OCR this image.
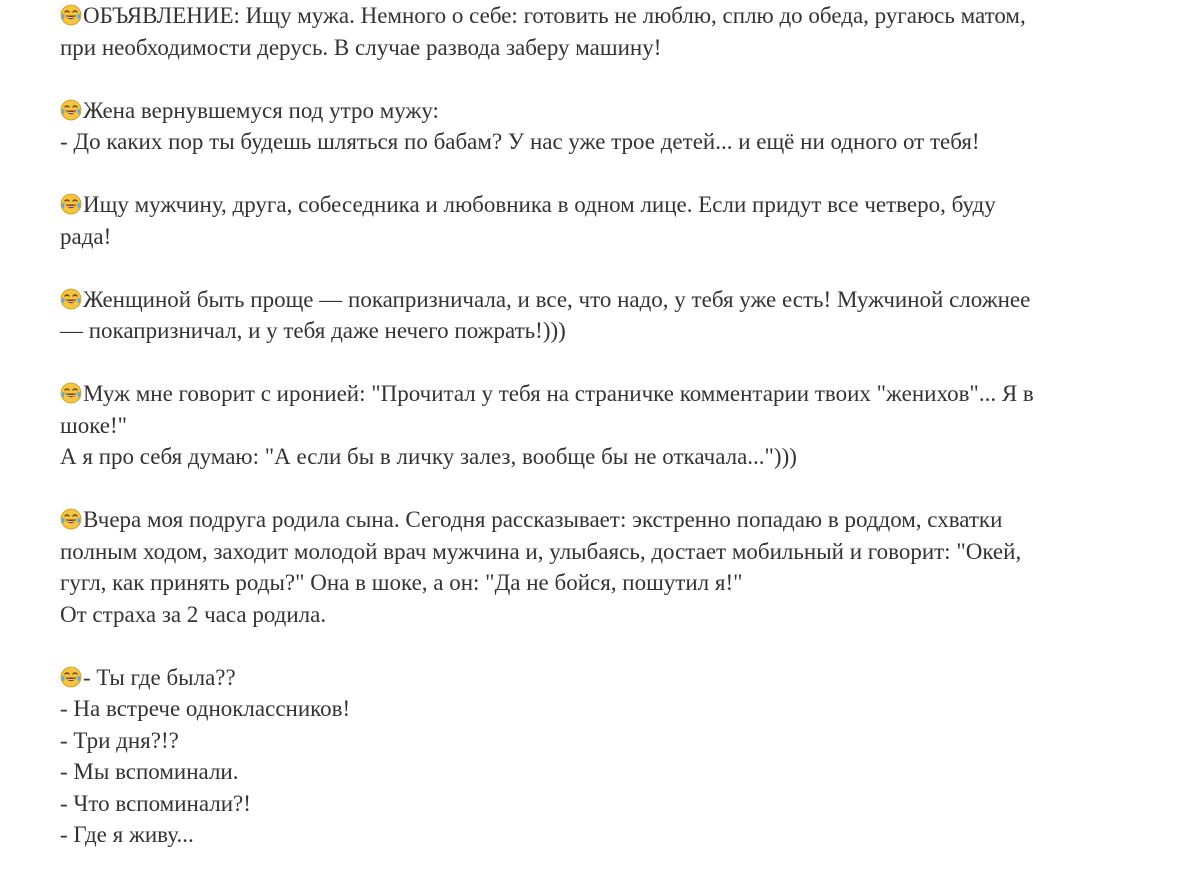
ОБЪЯВЛЕНИЕ: Ищу мужа. Немного о себе: готовить не люблю, сплю до обеда, ругаюсь матом,
при необходимости дерусь. В случае развода заберу машину!
Жена вернувшемуся под утро мужу:
- До каких пор ты будешь шляться по бабам? У нас уже трое детей... и ещё ни одного от тебя!
Ищу мужчину, друга, собеседника и любовника в одном лице. Если придут все четверо, буду
рада!
Женщиной быть проще — покапризничала, и все, что надо, у тебя уже есть! Мужчиной сложнее
— покапризничал, и у тебя даже нечего пожрать!)))
Муж мне говорит с иронией: "Прочитал у тебя на страничке комментарии твоих "женихов"... Я в
шоке!"
А я про себя думаю: "А если бы в личку залез, вообще бы не откачала...")))
Вчера моя подруга родила сына. Сегодня рассказывает: экстренно попадаю в роддом, схватки
полным ходом, заходит молодой врач мужчина и, улыбаясь, достает мобильный и говорит: "Окей,
гугл, как принять роды?" Она в шоке, а он: "Да не бойся, пошутил я!"
От страха за 2 часа родила.
- Ты где была??
- На встрече одноклассников!
- Три дня?!?
- Мы вспоминали.
- Что вспоминали?!
- Где я живу...
